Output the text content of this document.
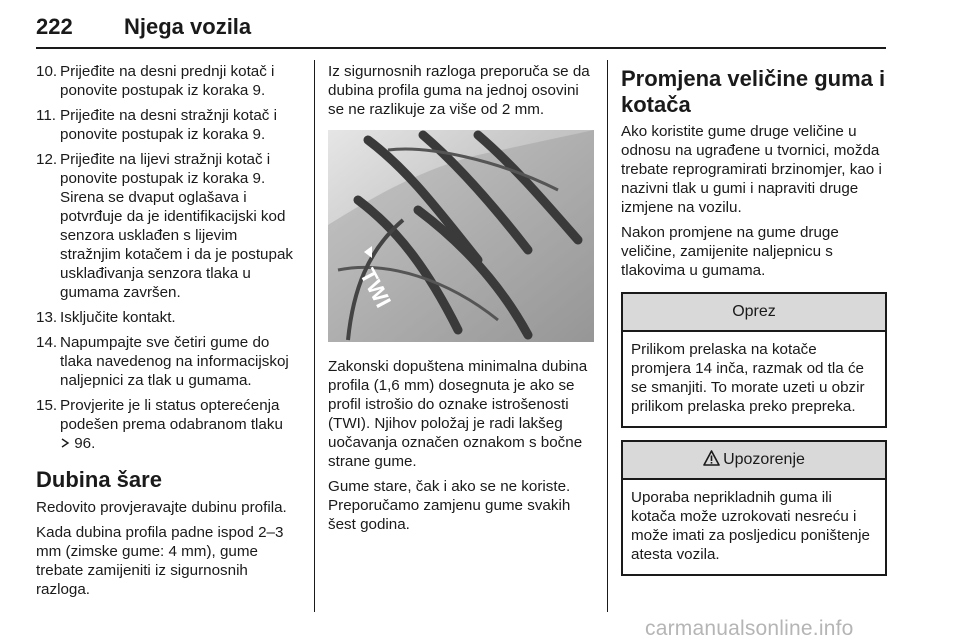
222 Njega vozila
10. Prijeđite na desni prednji kotač i ponovite postupak iz koraka 9.
11. Prijeđite na desni stražnji kotač i ponovite postupak iz koraka 9.
12. Prijeđite na lijevi stražnji kotač i ponovite postupak iz koraka 9. Sirena se dvaput oglašava i potvrđuje da je identifikacijski kod senzora usklađen s lijevim stražnjim kotačem i da je postupak usklađivanja senzora tlaka u gumama završen.
13. Isključite kontakt.
14. Napumpajte sve četiri gume do tlaka navedenog na informacijskoj naljepnici za tlak u gumama.
15. Provjerite je li status opterećenja podešen prema odabranom tlaku
96.
Dubina šare

Redovito provjeravajte dubinu profila.

Kada dubina profila padne ispod 2–3 mm (zimske gume: 4 mm), gume trebate zamijeniti iz sigurnosnih razloga.

Iz sigurnosnih razloga preporuča se da dubina profila guma na jednoj osovini se ne razlikuje za više od 2 mm.

TWI

Zakonski dopuštena minimalna dubina profila (1,6 mm) dosegnuta je ako se profil istrošio do oznake istrošenosti (TWI). Njihov položaj je radi lakšeg uočavanja označen oznakom s bočne strane gume.

Gume stare, čak i ako se ne koriste. Preporučamo zamjenu gume svakih šest godina.

Promjena veličine guma i kotača

Ako koristite gume druge veličine u odnosu na ugrađene u tvornici, možda trebate reprogramirati brzinomjer, kao i nazivni tlak u gumi i napraviti druge izmjene na vozilu.

Nakon promjene na gume druge veličine, zamijenite naljepnicu s tlakovima u gumama.

Oprez
Prilikom prelaska na kotače promjera 14 inča, razmak od tla će se smanjiti. To morate uzeti u obzir prilikom prelaska preko prepreka.
Upozorenje
Uporaba neprikladnih guma ili kotača može uzrokovati nesreću i može imati za posljedicu poništenje atesta vozila.
carmanualsonline.info
